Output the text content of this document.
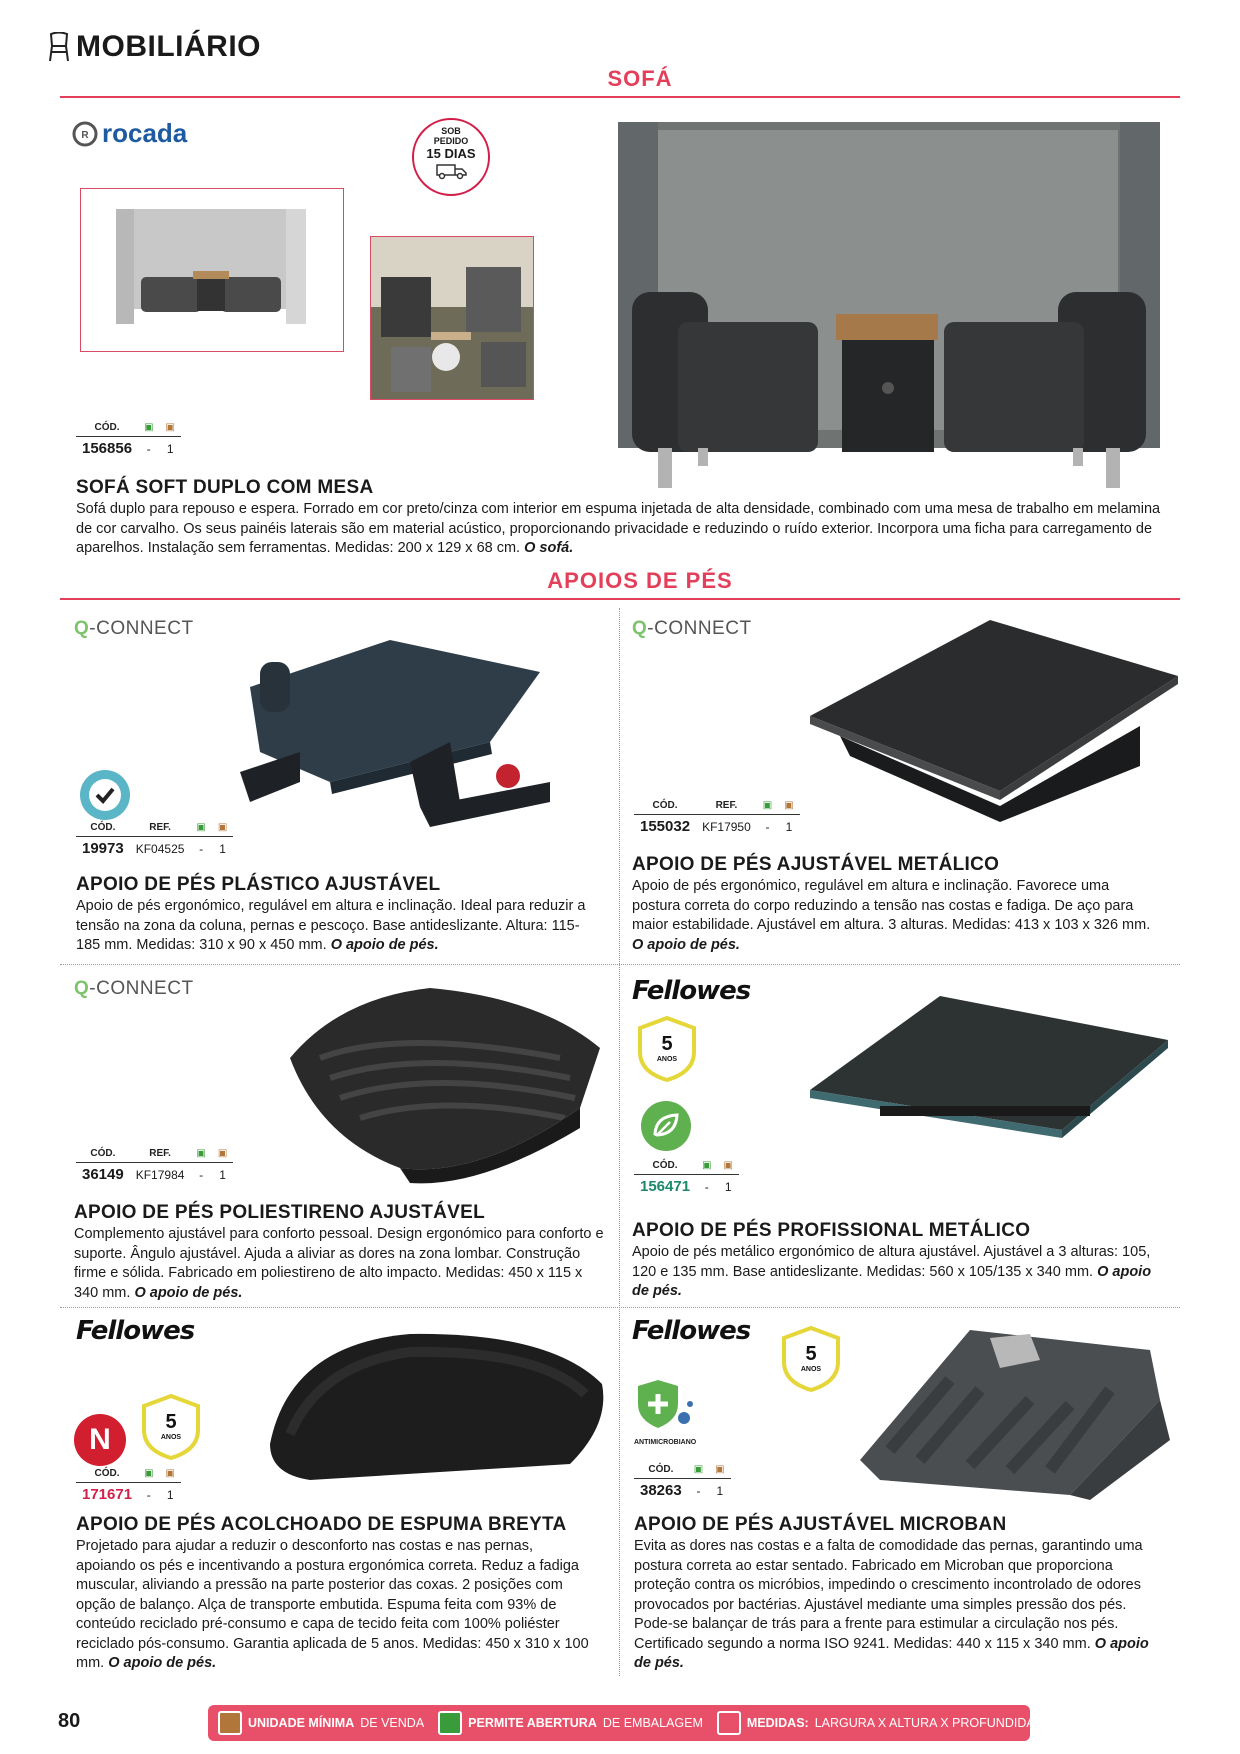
MOBILIÁRIO
SOFÁ
R rocada	SOB
PEDIDO
15 DIAS
CÓD.	▣	▣
156856	-	1
SOFÁ SOFT DUPLO COM MESA
Sofá duplo para repouso e espera. Forrado em cor preto/cinza com interior em espuma injetada de alta densidade, combinado com uma mesa de trabalho em melamina de cor carvalho. Os seus painéis laterais são em material acústico, proporcionando privacidade e reduzindo o ruído exterior. Incorpora uma ficha para carregamento de aparelhos. Instalação sem ferramentas. Medidas: 200 x 129 x 68 cm. O sofá.
APOIOS DE PÉS
Q-CONNECT
CÓD.	REF.	▣	▣
19973	KF04525	-	1
APOIO DE PÉS PLÁSTICO AJUSTÁVEL
Apoio de pés ergonómico, regulável em altura e inclinação. Ideal para reduzir a tensão na zona da coluna, pernas e pescoço. Base antideslizante. Altura: 115-185 mm. Medidas: 310 x 90 x 450 mm. O apoio de pés.
Q-CONNECT
CÓD.	REF.	▣	▣
155032	KF17950	-	1
APOIO DE PÉS AJUSTÁVEL METÁLICO
Apoio de pés ergonómico, regulável em altura e inclinação. Favorece uma postura correta do corpo reduzindo a tensão nas costas e fadiga. De aço para maior estabilidade. Ajustável em altura. 3 alturas. Medidas: 413 x 103 x 326 mm. O apoio de pés.
Q-CONNECT
CÓD.	REF.	▣	▣
36149	KF17984	-	1
APOIO DE PÉS POLIESTIRENO AJUSTÁVEL
Complemento ajustável para conforto pessoal. Design ergonómico para conforto e suporte. Ângulo ajustável. Ajuda a aliviar as dores na zona lombar. Construção firme e sólida. Fabricado em poliestireno de alto impacto. Medidas: 450 x 115 x 340 mm. O apoio de pés.
Fellowes
5
ANOS
CÓD.	▣	▣
156471	-	1
APOIO DE PÉS PROFISSIONAL METÁLICO
Apoio de pés metálico ergonómico de altura ajustável. Ajustável a 3 alturas: 105, 120 e 135 mm. Base antideslizante. Medidas: 560 x 105/135 x 340 mm. O apoio de pés.
Fellowes
N
5
ANOS
CÓD.	▣	▣
171671	-	1
APOIO DE PÉS ACOLCHOADO DE ESPUMA BREYTA
Projetado para ajudar a reduzir o desconforto nas costas e nas pernas, apoiando os pés e incentivando a postura ergonómica correta. Reduz a fadiga muscular, aliviando a pressão na parte posterior das coxas. 2 posições com opção de balanço. Alça de transporte embutida. Espuma feita com 93% de conteúdo reciclado pré-consumo e capa de tecido feita com 100% poliéster reciclado pós-consumo. Garantia aplicada de 5 anos. Medidas: 450 x 310 x 100 mm. O apoio de pés.
Fellowes
5
ANOS
ANTIMICROBIANO
CÓD.	▣	▣
38263	-	1
APOIO DE PÉS AJUSTÁVEL MICROBAN
Evita as dores nas costas e a falta de comodidade das pernas, garantindo uma postura correta ao estar sentado. Fabricado em Microban que proporciona proteção contra os micróbios, impedindo o crescimento incontrolado de odores provocados por bactérias. Ajustável mediante uma simples pressão dos pés. Pode-se balançar de trás para a frente para estimular a circulação nos pés. Certificado segundo a norma ISO 9241. Medidas: 440 x 115 x 340 mm. O apoio de pés.
80	UNIDADE MÍNIMA DE VENDA	PERMITE ABERTURA DE EMBALAGEM	MEDIDAS: LARGURA X ALTURA X PROFUNDIDADE
